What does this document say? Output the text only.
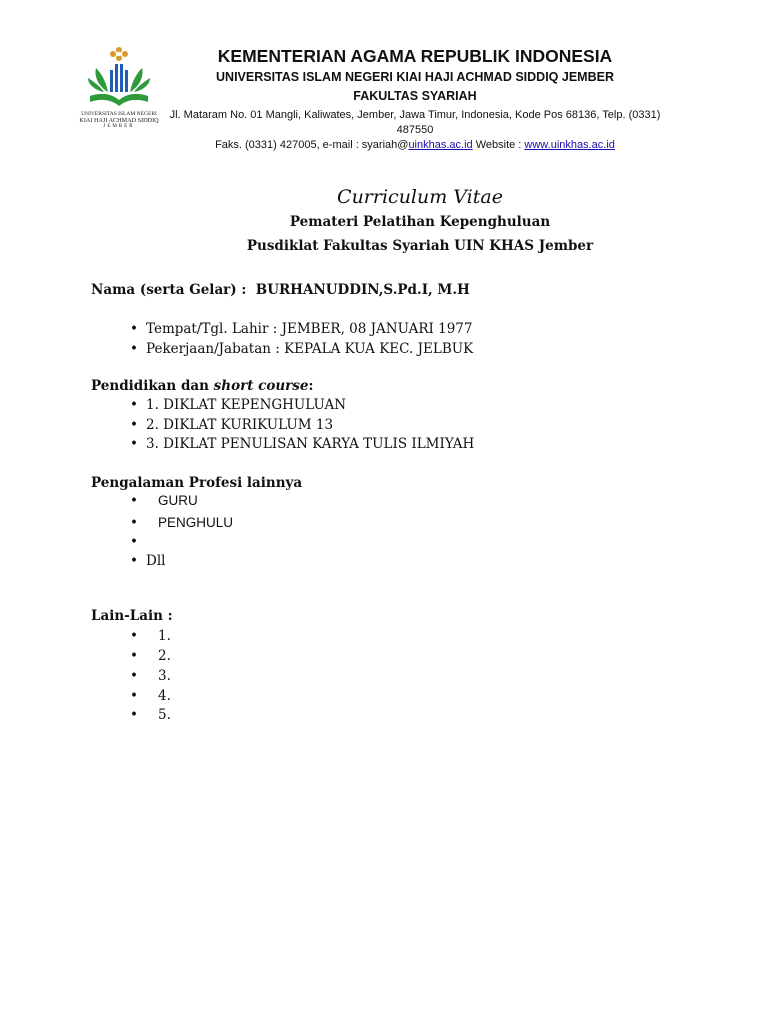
UNIVERSITAS ISLAM NEGERI
KIAI HAJI ACHMAD SIDDIQ
JEMBER
KEMENTERIAN AGAMA REPUBLIK INDONESIA
UNIVERSITAS ISLAM NEGERI KIAI HAJI ACHMAD SIDDIQ JEMBER
FAKULTAS SYARIAH
Jl. Mataram No. 01 Mangli, Kaliwates, Jember, Jawa Timur, Indonesia, Kode Pos 68136, Telp. (0331)
487550
Faks. (0331) 427005, e-mail : syariah@uinkhas.ac.id Website : www.uinkhas.ac.id
Curriculum Vitae
Pemateri Pelatihan Kepenghuluan
Pusdiklat Fakultas Syariah UIN KHAS Jember
Nama (serta Gelar) : BURHANUDDIN,S.Pd.I, M.H
• Tempat/Tgl. Lahir : JEMBER, 08 JANUARI 1977
• Pekerjaan/Jabatan : KEPALA KUA KEC. JELBUK
Pendidikan dan short course:
• 1. DIKLAT KEPENGHULUAN
• 2. DIKLAT KURIKULUM 13
• 3. DIKLAT PENULISAN KARYA TULIS ILMIYAH
Pengalaman Profesi lainnya
• GURU
• PENGHULU
•
• Dll
Lain-Lain :
• 1.
• 2.
• 3.
• 4.
• 5.
